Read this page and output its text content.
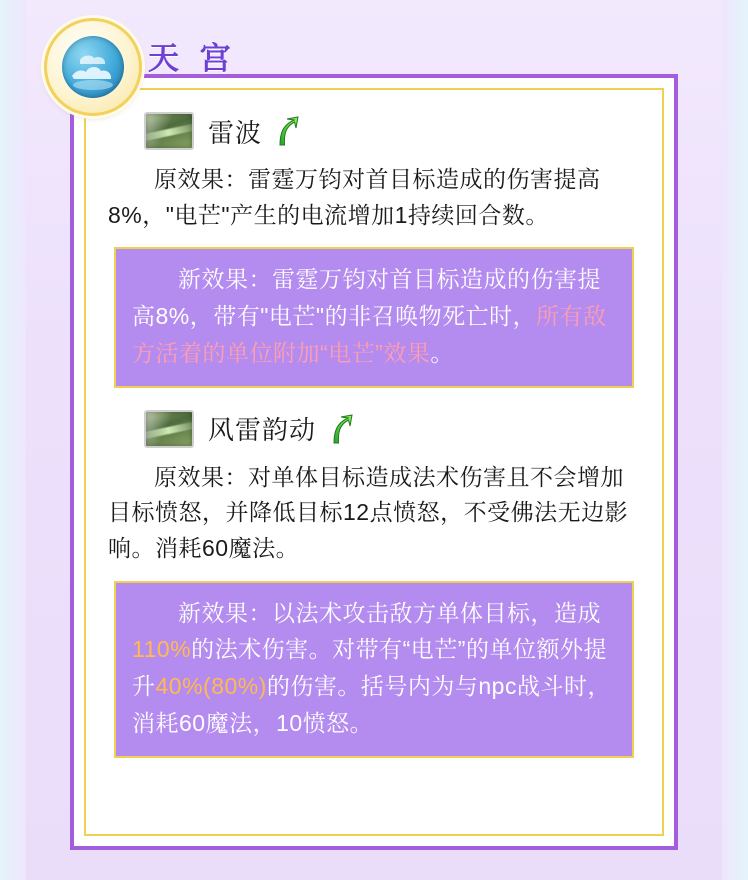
雷波

原效果：雷霆万钧对首目标造成的伤害提高8%，"电芒"产生的电流增加1持续回合数。

新效果：雷霆万钧对首目标造成的伤害提高8%，带有"电芒"的非召唤物死亡时，所有敌方活着的单位附加“电芒”效果。

风雷韵动

原效果：对单体目标造成法术伤害且不会增加目标愤怒，并降低目标12点愤怒，不受佛法无边影响。消耗60魔法。

新效果：以法术攻击敌方单体目标，造成110%的法术伤害。对带有“电芒”的单位额外提升40%(80%)的伤害。括号内为与npc战斗时，消耗60魔法，10愤怒。

天 宫
